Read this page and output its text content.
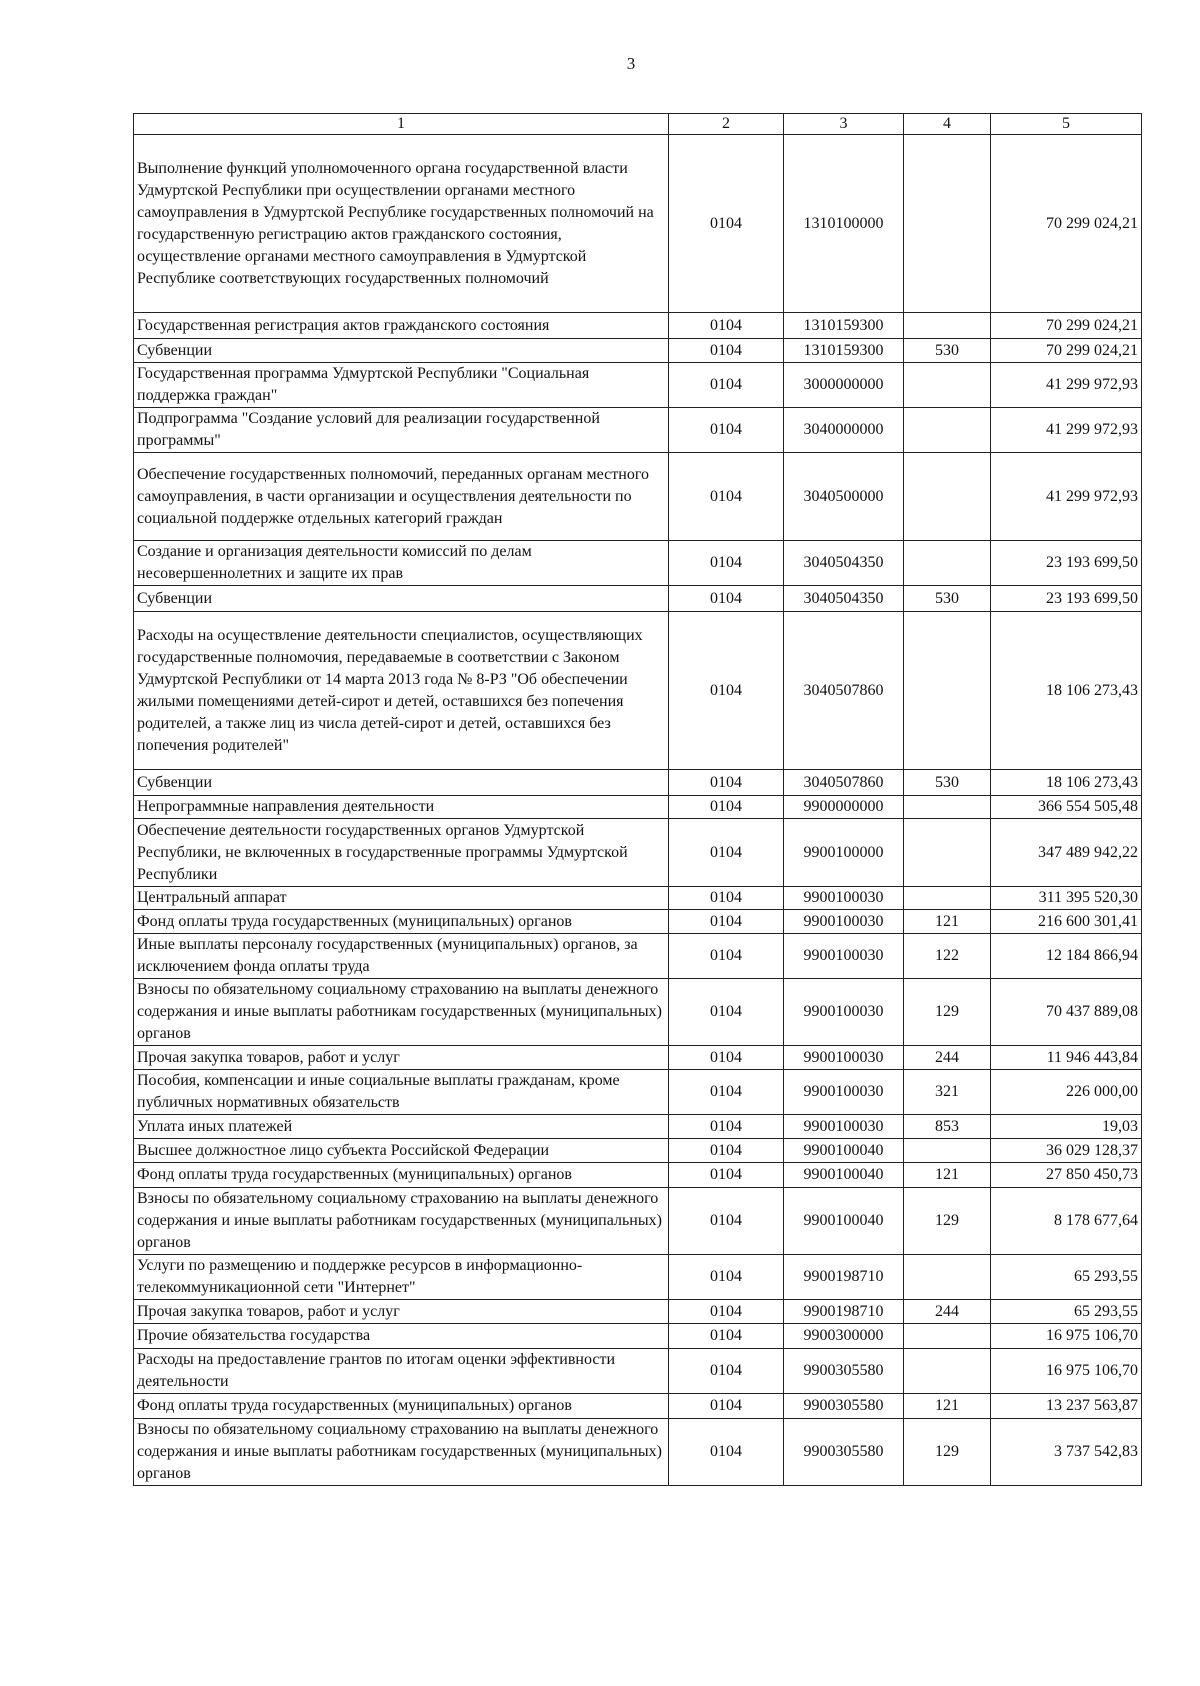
3
1	2	3	4	5
Выполнение функций уполномоченного органа государственной власти Удмуртской Республики при осуществлении органами местного самоуправления в Удмуртской Республике государственных полномочий на государственную регистрацию актов гражданского состояния, осуществление органами местного самоуправления в Удмуртской Республике соответствующих государственных полномочий	0104	1310100000		70 299 024,21
Государственная регистрация актов гражданского состояния	0104	1310159300		70 299 024,21
Субвенции	0104	1310159300	530	70 299 024,21
Государственная программа Удмуртской Республики "Социальная поддержка граждан"	0104	3000000000		41 299 972,93
Подпрограмма "Создание условий для реализации государственной программы"	0104	3040000000		41 299 972,93
Обеспечение государственных полномочий, переданных органам местного самоуправления, в части организации и осуществления деятельности по социальной поддержке отдельных категорий граждан	0104	3040500000		41 299 972,93
Создание и организация деятельности комиссий по делам несовершеннолетних и защите их прав	0104	3040504350		23 193 699,50
Субвенции	0104	3040504350	530	23 193 699,50
Расходы на осуществление деятельности специалистов, осуществляющих государственные полномочия, передаваемые в соответствии с Законом Удмуртской Республики от 14 марта 2013 года № 8-РЗ "Об обеспечении жилыми помещениями детей-сирот и детей, оставшихся без попечения родителей, а также лиц из числа детей-сирот и детей, оставшихся без попечения родителей"	0104	3040507860		18 106 273,43
Субвенции	0104	3040507860	530	18 106 273,43
Непрограммные направления деятельности	0104	9900000000		366 554 505,48
Обеспечение деятельности государственных органов Удмуртской Республики, не включенных в государственные программы Удмуртской Республики	0104	9900100000		347 489 942,22
Центральный аппарат	0104	9900100030		311 395 520,30
Фонд оплаты труда государственных (муниципальных) органов	0104	9900100030	121	216 600 301,41
Иные выплаты персоналу государственных (муниципальных) органов, за исключением фонда оплаты труда	0104	9900100030	122	12 184 866,94
Взносы по обязательному социальному страхованию на выплаты денежного содержания и иные выплаты работникам государственных (муниципальных) органов	0104	9900100030	129	70 437 889,08
Прочая закупка товаров, работ и услуг	0104	9900100030	244	11 946 443,84
Пособия, компенсации и иные социальные выплаты гражданам, кроме публичных нормативных обязательств	0104	9900100030	321	226 000,00
Уплата иных платежей	0104	9900100030	853	19,03
Высшее должностное лицо субъекта Российской Федерации	0104	9900100040		36 029 128,37
Фонд оплаты труда государственных (муниципальных) органов	0104	9900100040	121	27 850 450,73
Взносы по обязательному социальному страхованию на выплаты денежного содержания и иные выплаты работникам государственных (муниципальных) органов	0104	9900100040	129	8 178 677,64
Услуги по размещению и поддержке ресурсов в информационно-телекоммуникационной сети "Интернет"	0104	9900198710		65 293,55
Прочая закупка товаров, работ и услуг	0104	9900198710	244	65 293,55
Прочие обязательства государства	0104	9900300000		16 975 106,70
Расходы на предоставление грантов по итогам оценки эффективности деятельности	0104	9900305580		16 975 106,70
Фонд оплаты труда государственных (муниципальных) органов	0104	9900305580	121	13 237 563,87
Взносы по обязательному социальному страхованию на выплаты денежного содержания и иные выплаты работникам государственных (муниципальных) органов	0104	9900305580	129	3 737 542,83
